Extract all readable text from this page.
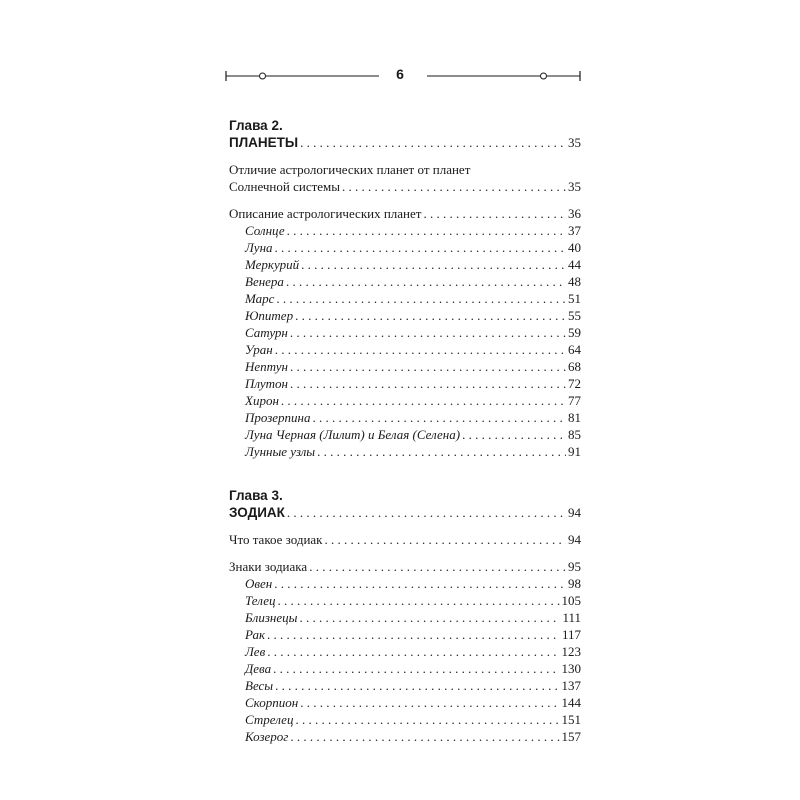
6
Глава 2.
ПЛАНЕТЫ . . .	35
Отличие астрологических планет от планет
Солнечной системы . . .	35
Описание астрологических планет . . .	36
Солнце . . .	37
Луна . . .	40
Меркурий . . .	44
Венера . . .	48
Марс . . .	51
Юпитер . . .	55
Сатурн . . .	59
Уран . . .	64
Нептун . . .	68
Плутон . . .	72
Хирон . . .	77
Прозерпина . . .	81
Луна Черная (Лилит) и Белая (Селена) . . .	85
Лунные узлы . . .	91
Глава 3.
ЗОДИАК . . .	94
Что такое зодиак . . .	94
Знаки зодиака . . .	95
Овен . . .	98
Телец . . .	105
Близнецы . . .	111
Рак . . .	117
Лев . . .	123
Дева . . .	130
Весы . . .	137
Скорпион . . .	144
Стрелец . . .	151
Козерог . . .	157
